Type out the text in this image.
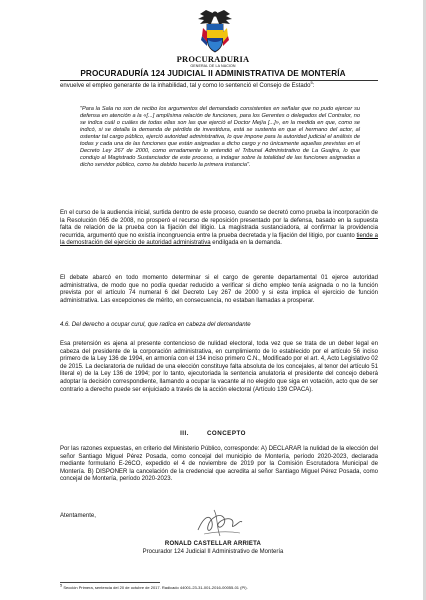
PROCURADURIA
GENERAL DE LA NACION
PROCURADURÍA 124 JUDICIAL II ADMINISTRATIVA DE MONTERÍA
envuelve el empleo generante de la inhabilidad, tal y como lo sentenció el Consejo de Estado$^5$:
"Para la Sala no son de recibo los argumentos del demandado consistentes en señalar que no pudo ejercer su defensa en atención a la «[...] amplísima relación de funciones, para los Gerentes o delegados del Contralor, no se indica cuál o cuáles de todas ellas son las que ejerció el Doctor Mejía [...]», en la medida en que, como se indicó, si se detalla la demanda de pérdida de investidura, está se sustenta en que el hermano del actor, al ostentar tal cargo público, ejerció autoridad administrativa, lo que impone para la autoridad judicial el análisis de todas y cada una de las funciones que están asignadas a dicho cargo y no únicamente aquellas previstas en el Decreto Ley 267 de 2000, como erradamente lo entendió el Tribunal Administrativo de La Guajira, lo que condujo al Magistrado Sustanciador de este proceso, a indagar sobre la totalidad de las funciones asignadas a dicho servidor público, como ha debido hacerlo la primera instancia".
En el curso de la audiencia inicial, surtida dentro de este proceso, cuando se decretó como prueba la incorporación de la Resolución 065 de 2008, no prosperó el recurso de reposición presentado por la defensa, basado en la supuesta falta de relación de la prueba con la fijación del litigio. La magistrada sustanciadora, al confirmar la providencia recurrida, argumentó que no existía incongruencia entre la prueba decretada y la fijación del litigio, por cuanto tiende a la demostración del ejercicio de autoridad administrativa endilgada en la demanda.
El debate abarcó en todo momento determinar si el cargo de gerente departamental 01 ejerce autoridad administrativa, de modo que no podía quedar reducido a verificar si dicho empleo tenía asignada o no la función prevista por el artículo 74 numeral 6 del Decreto Ley 267 de 2000 y si esta implica el ejercicio de función administrativa. Las excepciones de mérito, en consecuencia, no estaban llamadas a prosperar.
4.6. Del derecho a ocupar curul, que radica en cabeza del demandante
Esa pretensión es ajena al presente contencioso de nulidad electoral, toda vez que se trata de un deber legal en cabeza del presidente de la corporación administrativa, en cumplimiento de lo establecido por el artículo 56 inciso primero de la Ley 136 de 1994, en armonía con el 134 inciso primero C.N., Modificado por el art. 4, Acto Legislativo 02 de 2015. La declaratoria de nulidad de una elección constituye falta absoluta de los concejales, al tenor del artículo 51 literal e) de la Ley 136 de 1994; por lo tanto, ejecutoriada la sentencia anulatoria el presidente del concejo deberá adoptar la decisión correspondiente, llamando a ocupar la vacante al no elegido que siga en votación, acto que de ser contrario a derecho puede ser enjuiciado a través de la acción electoral (Artículo 139 CPACA).
III.	CONCEPTO
Por las razones expuestas, en criterio del Ministerio Público, corresponde: A) DECLARAR la nulidad de la elección del señor Santiago Miguel Pérez Posada, como concejal del municipio de Montería, período 2020-2023, declarada mediante formulario E-26CO, expedido el 4 de noviembre de 2019 por la Comisión Escrutadora Municipal de Montería. B) DISPONER la cancelación de la credencial que acredita al señor Santiago Miguel Pérez Posada, como concejal de Montería, período 2020-2023.
Atentamente,
RONALD CASTELLAR ARRIETA
Procurador 124 Judicial II Administrativo de Montería
5 Sección Primera, sentencia del 20 de octubre de 2017. Radicado 44001-23-31-001-2016-00055-01 (PI).
